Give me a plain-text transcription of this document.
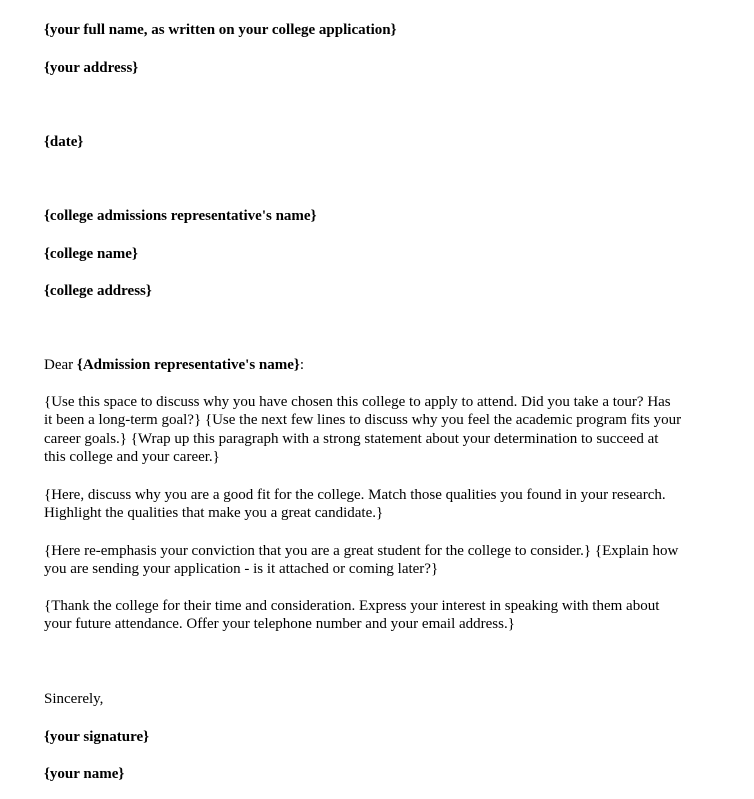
{your full name, as written on your college application}

{your address}

{date}

{college admissions representative's name}

{college name}

{college address}

Dear {Admission representative's name}:

{Use this space to discuss why you have chosen this college to apply to attend. Did you take a tour? Has
it been a long-term goal?} {Use the next few lines to discuss why you feel the academic program fits your
career goals.} {Wrap up this paragraph with a strong statement about your determination to succeed at
this college and your career.}
{Here, discuss why you are a good fit for the college. Match those qualities you found in your research.
Highlight the qualities that make you a great candidate.}
{Here re-emphasis your conviction that you are a great student for the college to consider.} {Explain how
you are sending your application - is it attached or coming later?}
{Thank the college for their time and consideration. Express your interest in speaking with them about
your future attendance. Offer your telephone number and your email address.}

Sincerely,

{your signature}

{your name}
